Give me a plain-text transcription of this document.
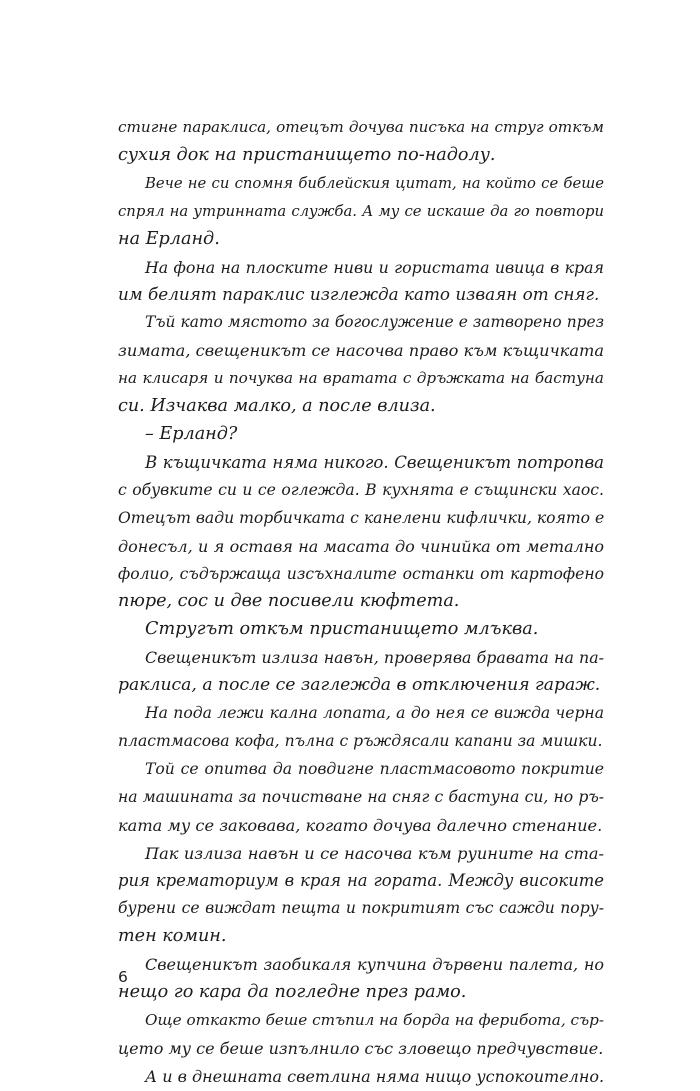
стигне параклиса, отецът дочува писъка на струг откъм
сухия док на пристанището по-надолу.
Вече не си спомня библейския цитат, на който се беше
спрял на утринната служба. А му се искаше да го повтори
на Ерланд.
На фона на плоските ниви и гористата ивица в края
им белият параклис изглежда като изваян от сняг.
Тъй като мястото за богослужение е затворено през
зимата, свещеникът се насочва право към къщичката
на клисаря и почуква на вратата с дръжката на бастуна
си. Изчаква малко, а после влиза.
– Ерланд?
В къщичката няма никого. Свещеникът потропва
с обувките си и се оглежда. В кухнята е същински хаос.
Отецът вади торбичката с канелени кифлички, която е
донесъл, и я оставя на масата до чинийка от метално
фолио, съдържаща изсъхналите останки от картофено
пюре, сос и две посивели кюфтета.
Стругът откъм пристанището млъква.
Свещеникът излиза навън, проверява бравата на па-
раклиса, а после се заглежда в отключения гараж.
На пода лежи кална лопата, а до нея се вижда черна
пластмасова кофа, пълна с ръждясали капани за мишки.
Той се опитва да повдигне пластмасовото покритие
на машината за почистване на сняг с бастуна си, но ръ-
ката му се заковава, когато дочува далечно стенание.
Пак излиза навън и се насочва към руините на ста-
рия крематориум в края на гората. Между високите
бурени се виждат пещта и покритият със сажди пору-
тен комин.
Свещеникът заобикаля купчина дървени палета, но
нещо го кара да погледне през рамо.
Още откакто беше стъпил на борда на ферибота, сър-
цето му се беше изпълнило със зловещо предчувствие.
А и в днешната светлина няма нищо успокоително.
6
